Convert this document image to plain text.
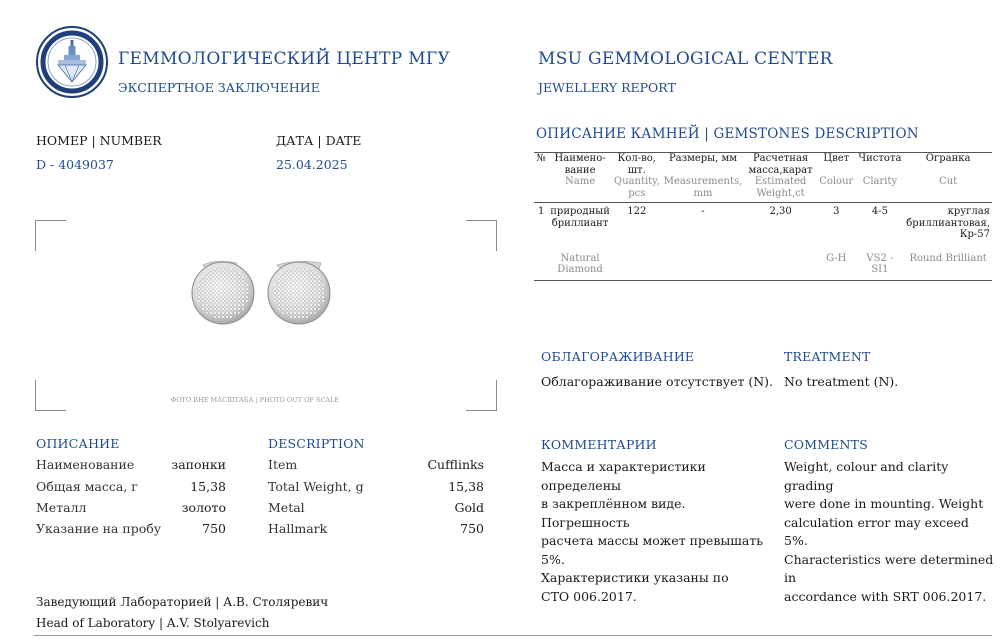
ГЕММОЛОГИЧЕСКИЙ ЦЕНТР МГУ
ЭКСПЕРТНОЕ ЗАКЛЮЧЕНИЕ
MSU GEMMOLOGICAL CENTER
JEWELLERY REPORT
НОМЕР | NUMBER
D - 4049037
ДАТА | DATE
25.04.2025
ФОТО ВНЕ МАСШТАБА | PHOTO OUT OF SCALE
ОПИСАНИЕ
Наименование	запонки
Общая масса, г	15,38
Металл	золото
Указание на пробу	750
DESCRIPTION
Item	Cufflinks
Total Weight, g	15,38
Metal	Gold
Hallmark	750
ОПИСАНИЕ КАМНЕЙ | GEMSTONES DESCRIPTION
№	Наимено-вание	Кол-во, шт.	Размеры, мм	Расчетная масса,карат	Цвет	Чистота	Огранка
	Name	Quantity, pcs	Measurements, mm	Estimated Weight,ct	Colour	Clarity	Cut
1	природный бриллиант	122	-	2,30	3	4-5	круглая бриллиантовая, Кр-57
	Natural Diamond				G-H	VS2 - SI1	Round Brilliant
ОБЛАГОРАЖИВАНИЕ	TREATMENT
Облагораживание отсутствует (N). No treatment (N).
КОММЕНТАРИИ	COMMENTS
Масса и характеристики определены
в закреплённом виде. Погрешность
расчета массы может превышать 5%.
Характеристики указаны по
СТО 006.2017.
Weight, colour and clarity grading
were done in mounting. Weight
calculation error may exceed 5%.
Characteristics were determined in
accordance with SRT 006.2017.
Заведующий Лабораторией | А.В. Столяревич
Head of Laboratory | A.V. Stolyarevich
